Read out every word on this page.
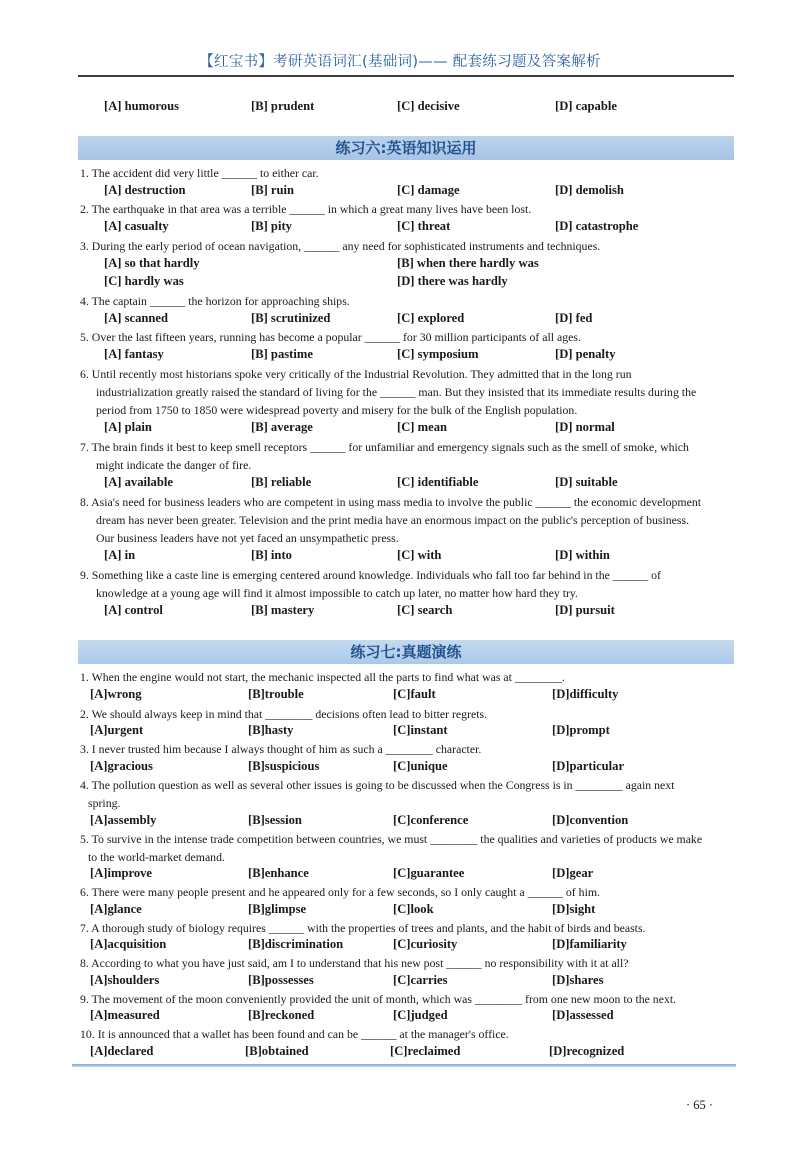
【红宝书】考研英语词汇(基础词)—— 配套练习题及答案解析
[A] humorous	[B] prudent	[C] decisive	[D] capable
练习六:英语知识运用
1. The accident did very little ______ to either car.
[A] destruction	[B] ruin	[C] damage	[D] demolish
2. The earthquake in that area was a terrible ______ in which a great many lives have been lost.
[A] casualty	[B] pity	[C] threat	[D] catastrophe
3. During the early period of ocean navigation, ______ any need for sophisticated instruments and techniques.
[A] so that hardly	[B] when there hardly was
[C] hardly was	[D] there was hardly
4. The captain ______ the horizon for approaching ships.
[A] scanned	[B] scrutinized	[C] explored	[D] fed
5. Over the last fifteen years, running has become a popular ______ for 30 million participants of all ages.
[A] fantasy	[B] pastime	[C] symposium	[D] penalty
6. Until recently most historians spoke very critically of the Industrial Revolution. They admitted that in the long run
industrialization greatly raised the standard of living for the ______ man. But they insisted that its immediate results during the
period from 1750 to 1850 were widespread poverty and misery for the bulk of the English population.
[A] plain	[B] average	[C] mean	[D] normal
7. The brain finds it best to keep smell receptors ______ for unfamiliar and emergency signals such as the smell of smoke, which
might indicate the danger of fire.
[A] available	[B] reliable	[C] identifiable	[D] suitable
8. Asia's need for business leaders who are competent in using mass media to involve the public ______ the economic development
dream has never been greater. Television and the print media have an enormous impact on the public's perception of business.
Our business leaders have not yet faced an unsympathetic press.
[A] in	[B] into	[C] with	[D] within
9. Something like a caste line is emerging centered around knowledge. Individuals who fall too far behind in the ______ of
knowledge at a young age will find it almost impossible to catch up later, no matter how hard they try.
[A] control	[B] mastery	[C] search	[D] pursuit
练习七:真题演练
1. When the engine would not start, the mechanic inspected all the parts to find what was at ________.
[A]wrong	[B]trouble	[C]fault	[D]difficulty
2. We should always keep in mind that ________ decisions often lead to bitter regrets.
[A]urgent	[B]hasty	[C]instant	[D]prompt
3. I never trusted him because I always thought of him as such a ________ character.
[A]gracious	[B]suspicious	[C]unique	[D]particular
4. The pollution question as well as several other issues is going to be discussed when the Congress is in ________ again next
spring.
[A]assembly	[B]session	[C]conference	[D]convention
5. To survive in the intense trade competition between countries, we must ________ the qualities and varieties of products we make
to the world-market demand.
[A]improve	[B]enhance	[C]guarantee	[D]gear
6. There were many people present and he appeared only for a few seconds, so I only caught a ______ of him.
[A]glance	[B]glimpse	[C]look	[D]sight
7. A thorough study of biology requires ______ with the properties of trees and plants, and the habit of birds and beasts.
[A]acquisition	[B]discrimination	[C]curiosity	[D]familiarity
8. According to what you have just said, am I to understand that his new post ______ no responsibility with it at all?
[A]shoulders	[B]possesses	[C]carries	[D]shares
9. The movement of the moon conveniently provided the unit of month, which was ________ from one new moon to the next.
[A]measured	[B]reckoned	[C]judged	[D]assessed
10. It is announced that a wallet has been found and can be ______ at the manager's office.
[A]declared	[B]obtained	[C]reclaimed	[D]recognized
· 65 ·
